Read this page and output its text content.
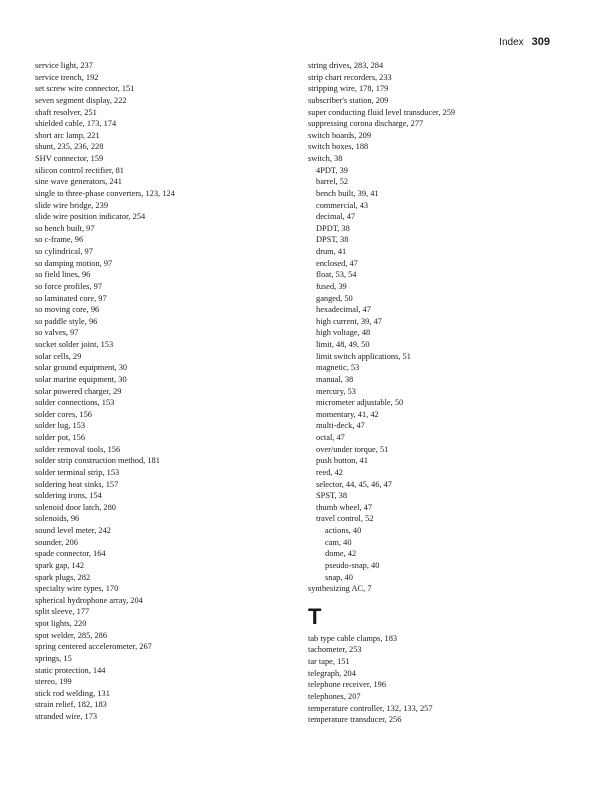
Index 309
service light, 237
service trench, 192
set screw wire connector, 151
seven segment display, 222
shaft resolver, 251
shielded cable, 173, 174
short arc lamp, 221
shunt, 235, 236, 228
SHV connector, 159
silicon control rectifier, 81
sine wave generators, 241
single to three-phase converters, 123, 124
slide wire bridge, 239
slide wire position indicator, 254
so bench built, 97
so c-frame, 96
so cylindrical, 97
so damping motion, 97
so field lines, 96
so force profiles, 97
so laminated core, 97
so moving core, 96
so paddle style, 96
so valves, 97
socket solder joint, 153
solar cells, 29
solar ground equipment, 30
solar marine equipment, 30
solar powered charger, 29
solder connections, 153
solder cores, 156
solder lug, 153
solder pot, 156
solder removal tools, 156
solder strip construction method, 181
solder terminal strip, 153
soldering heat sinks, 157
soldering irons, 154
solenoid door latch, 280
solenoids, 96
sound level meter, 242
sounder, 206
spade connector, 164
spark gap, 142
spark plugs, 282
specialty wire types, 170
spherical hydrophone array, 204
split sleeve, 177
spot lights, 220
spot welder, 285, 286
spring centered accelerometer, 267
springs, 15
static protection, 144
stereo, 199
stick rod welding, 131
strain relief, 182, 183
stranded wire, 173
string drives, 283, 284
strip chart recorders, 233
stripping wire, 178, 179
subscriber's station, 209
super conducting fluid level transducer, 259
suppressing corona discharge, 277
switch boards, 209
switch boxes, 188
switch, 38
4PDT, 39
barrel, 52
bench built, 39, 41
commercial, 43
decimal, 47
DPDT, 38
DPST, 38
drum, 41
enclosed, 47
float, 53, 54
fused, 39
ganged, 50
hexadecimal, 47
high current, 39, 47
high voltage, 48
limit, 48, 49, 50
limit switch applications, 51
magnetic, 53
manual, 38
mercury, 53
micrometer adjustable, 50
momentary, 41, 42
multi-deck, 47
octal, 47
over/under torque, 51
push button, 41
reed, 42
selector, 44, 45, 46, 47
SPST, 38
thumb wheel, 47
travel control, 52
actions, 40
cam, 40
dome, 42
pseudo-snap, 40
snap, 40
synthesizing AC, 7
T
tab type cable clamps, 183
tachometer, 253
tar tape, 151
telegraph, 204
telephone receiver, 196
telephones, 207
temperature controller, 132, 133, 257
temperature transducer, 256
